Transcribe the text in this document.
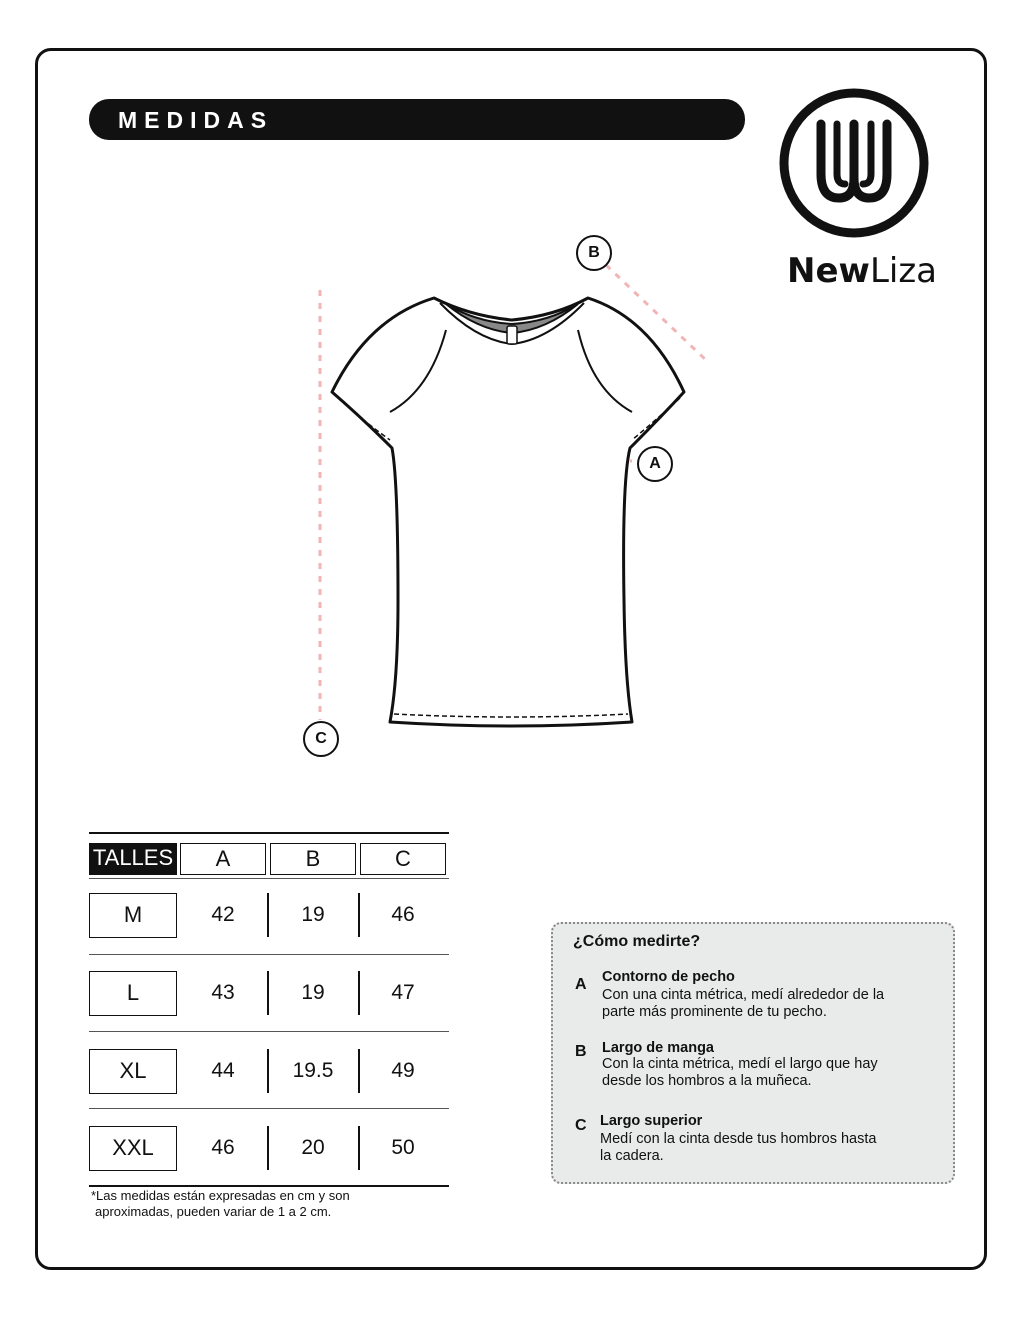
MEDIDAS
NewLiza
B
A
C
TALLES	A	B	C
M	42	19	46
L	43	19	47
XL	44	19.5	49
XXL	46	20	50
*Las medidas están expresadas en cm y son
aproximadas, pueden variar de 1 a 2 cm.
¿Cómo medirte?
A Contorno de pecho
Con una cinta métrica, medí alrededor de la
parte más prominente de tu pecho.
B Largo de manga
Con la cinta métrica, medí el largo que hay
desde los hombros a la muñeca.
C Largo superior
Medí con la cinta desde tus hombros hasta
la cadera.
